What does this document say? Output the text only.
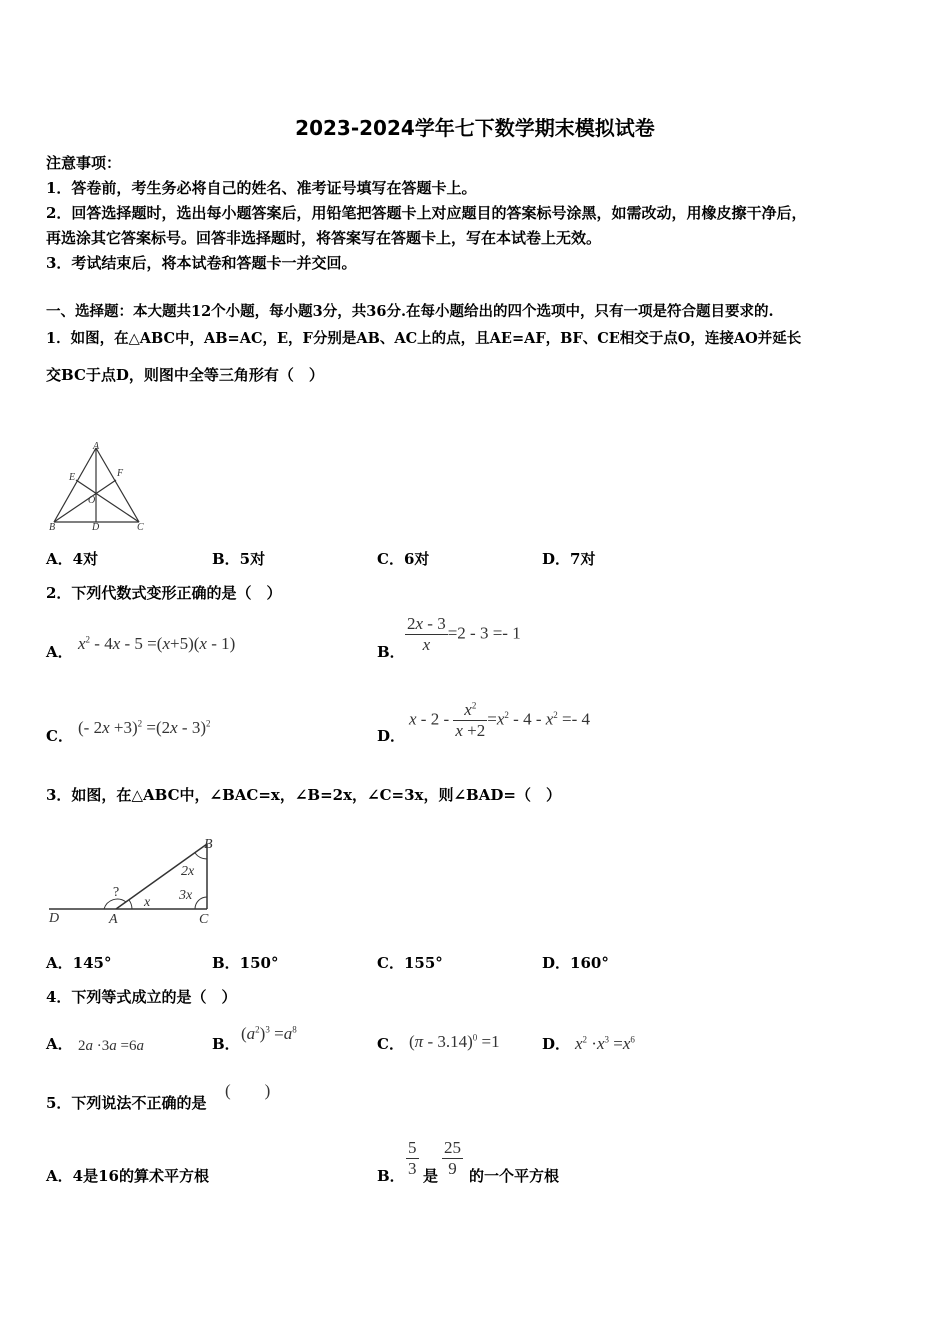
2023-2024学年七下数学期末模拟试卷
注意事项：
1．答卷前，考生务必将自己的姓名、准考证号填写在答题卡上。
2．回答选择题时，选出每小题答案后，用铅笔把答题卡上对应题目的答案标号涂黑，如需改动，用橡皮擦干净后，
再选涂其它答案标号。回答非选择题时，将答案写在答题卡上，写在本试卷上无效。
3．考试结束后，将本试卷和答题卡一并交回。
一、选择题：本大题共12个小题，每小题3分，共36分.在每小题给出的四个选项中，只有一项是符合题目要求的.
1．如图，在△ABC中，AB=AC，E，F分别是AB、AC上的点，且AE=AF，BF、CE相交于点O，连接AO并延长
交BC于点D，则图中全等三角形有（　）
A
E	F
O
B	D	C
A．4对	B．5对	C．6对	D．7对
2．下列代数式变形正确的是（　）
A． $x^2 - 4x - 5 =(x+5)(x - 1)$	B． $\frac{2x - 3}{x} =2 - 3 =- 1$
C． (- 2x +3)$^2$ =(2x - 3)$^2$
D．
$x - 2 - \frac{x^2}{x +2} =x^2 - 4 - x^2 =- 4$
3．如图，在△ABC中，∠BAC=x，∠B=2x，∠C=3x，则∠BAD=（　）
B
2x
?	3x
x
D	A	C
A．145°	B．150°	C．155°	D．160°
4．下列等式成立的是（　）
A． 2a ·3a =6a	B．
$(a^2)^3 =a^8$
C． (π - 3.14)$^0$ =1	D． $x^2 \cdot x^3 =x^6$
5．下列说法不正确的是
(　　)
A．4是16的算术平方根	B． $\frac{5}{3}$ 是 $\frac{25}{9}$ 的一个平方根
